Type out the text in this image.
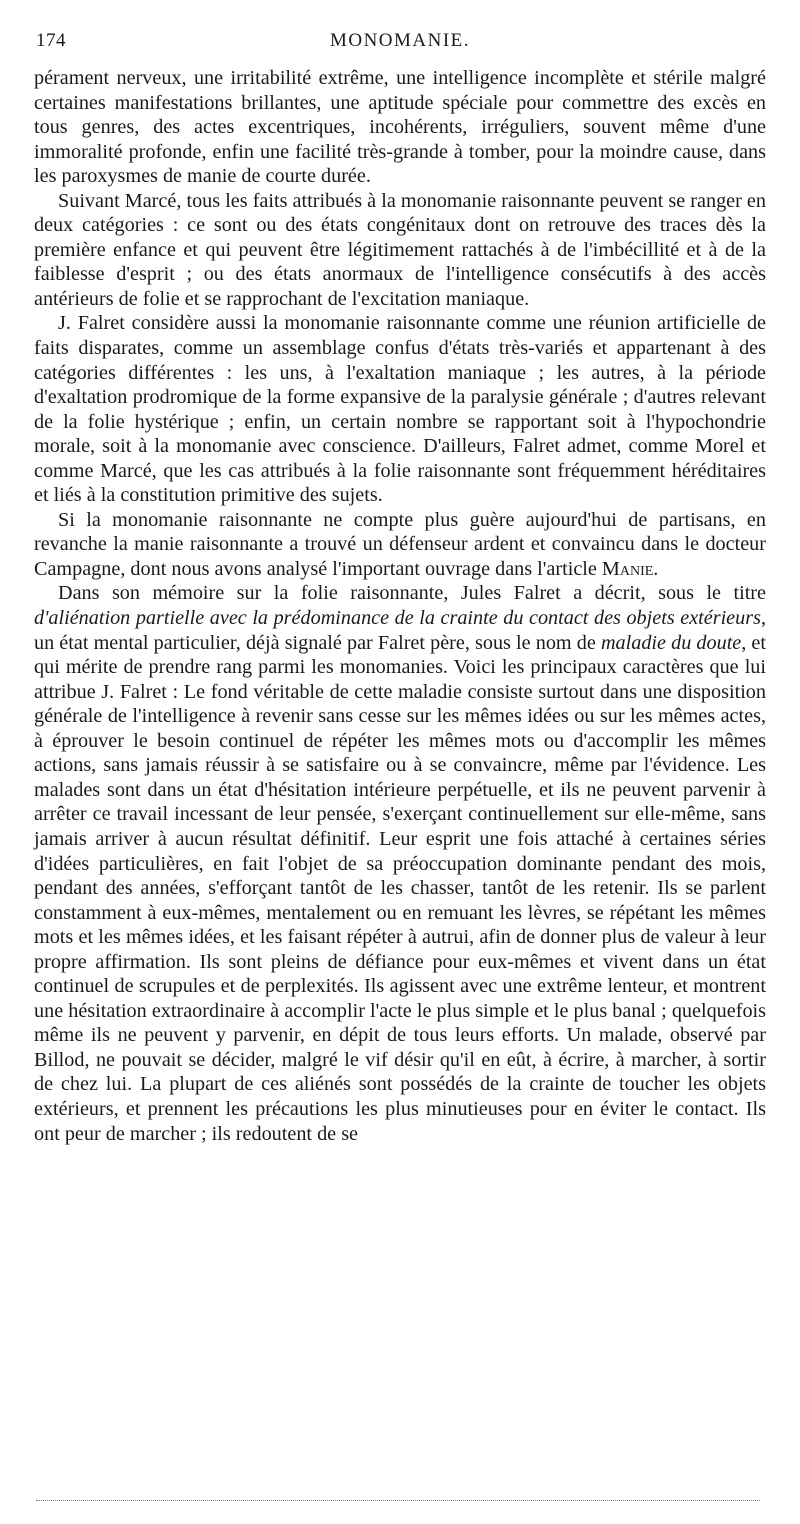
174	MONOMANIE.

pérament nerveux, une irritabilité extrême, une intelligence incomplète et stérile malgré certaines manifestations brillantes, une aptitude spéciale pour commettre des excès en tous genres, des actes excentriques, incohérents, irréguliers, souvent même d'une immoralité profonde, enfin une facilité très-grande à tomber, pour la moindre cause, dans les paroxysmes de manie de courte durée.

Suivant Marcé, tous les faits attribués à la monomanie raisonnante peuvent se ranger en deux catégories : ce sont ou des états congénitaux dont on retrouve des traces dès la première enfance et qui peuvent être légitimement rattachés à de l'imbécillité et à de la faiblesse d'esprit ; ou des états anormaux de l'intelligence consécutifs à des accès antérieurs de folie et se rapprochant de l'excitation maniaque.

J. Falret considère aussi la monomanie raisonnante comme une réunion artificielle de faits disparates, comme un assemblage confus d'états très-variés et appartenant à des catégories différentes : les uns, à l'exaltation maniaque ; les autres, à la période d'exaltation prodromique de la forme expansive de la paralysie générale ; d'autres relevant de la folie hystérique ; enfin, un certain nombre se rapportant soit à l'hypochondrie morale, soit à la monomanie avec conscience. D'ailleurs, Falret admet, comme Morel et comme Marcé, que les cas attribués à la folie raisonnante sont fréquemment héréditaires et liés à la constitution primitive des sujets.

Si la monomanie raisonnante ne compte plus guère aujourd'hui de partisans, en revanche la manie raisonnante a trouvé un défenseur ardent et convaincu dans le docteur Campagne, dont nous avons analysé l'important ouvrage dans l'article Manie.

Dans son mémoire sur la folie raisonnante, Jules Falret a décrit, sous le titre d'aliénation partielle avec la prédominance de la crainte du contact des objets extérieurs, un état mental particulier, déjà signalé par Falret père, sous le nom de maladie du doute, et qui mérite de prendre rang parmi les monomanies. Voici les principaux caractères que lui attribue J. Falret : Le fond véritable de cette maladie consiste surtout dans une disposition générale de l'intelligence à revenir sans cesse sur les mêmes idées ou sur les mêmes actes, à éprouver le besoin continuel de répéter les mêmes mots ou d'accomplir les mêmes actions, sans jamais réussir à se satisfaire ou à se convaincre, même par l'évidence. Les malades sont dans un état d'hésitation intérieure perpétuelle, et ils ne peuvent parvenir à arrêter ce travail incessant de leur pensée, s'exerçant continuellement sur elle-même, sans jamais arriver à aucun résultat définitif. Leur esprit une fois attaché à certaines séries d'idées particulières, en fait l'objet de sa préoccupation dominante pendant des mois, pendant des années, s'efforçant tantôt de les chasser, tantôt de les retenir. Ils se parlent constamment à eux-mêmes, mentalement ou en remuant les lèvres, se répétant les mêmes mots et les mêmes idées, et les faisant répéter à autrui, afin de donner plus de valeur à leur propre affirmation. Ils sont pleins de défiance pour eux-mêmes et vivent dans un état continuel de scrupules et de perplexités. Ils agissent avec une extrême lenteur, et montrent une hésitation extraordinaire à accomplir l'acte le plus simple et le plus banal ; quelquefois même ils ne peuvent y parvenir, en dépit de tous leurs efforts. Un malade, observé par Billod, ne pouvait se décider, malgré le vif désir qu'il en eût, à écrire, à marcher, à sortir de chez lui. La plupart de ces aliénés sont possédés de la crainte de toucher les objets extérieurs, et prennent les précautions les plus minutieuses pour en éviter le contact. Ils ont peur de marcher ; ils redoutent de se
